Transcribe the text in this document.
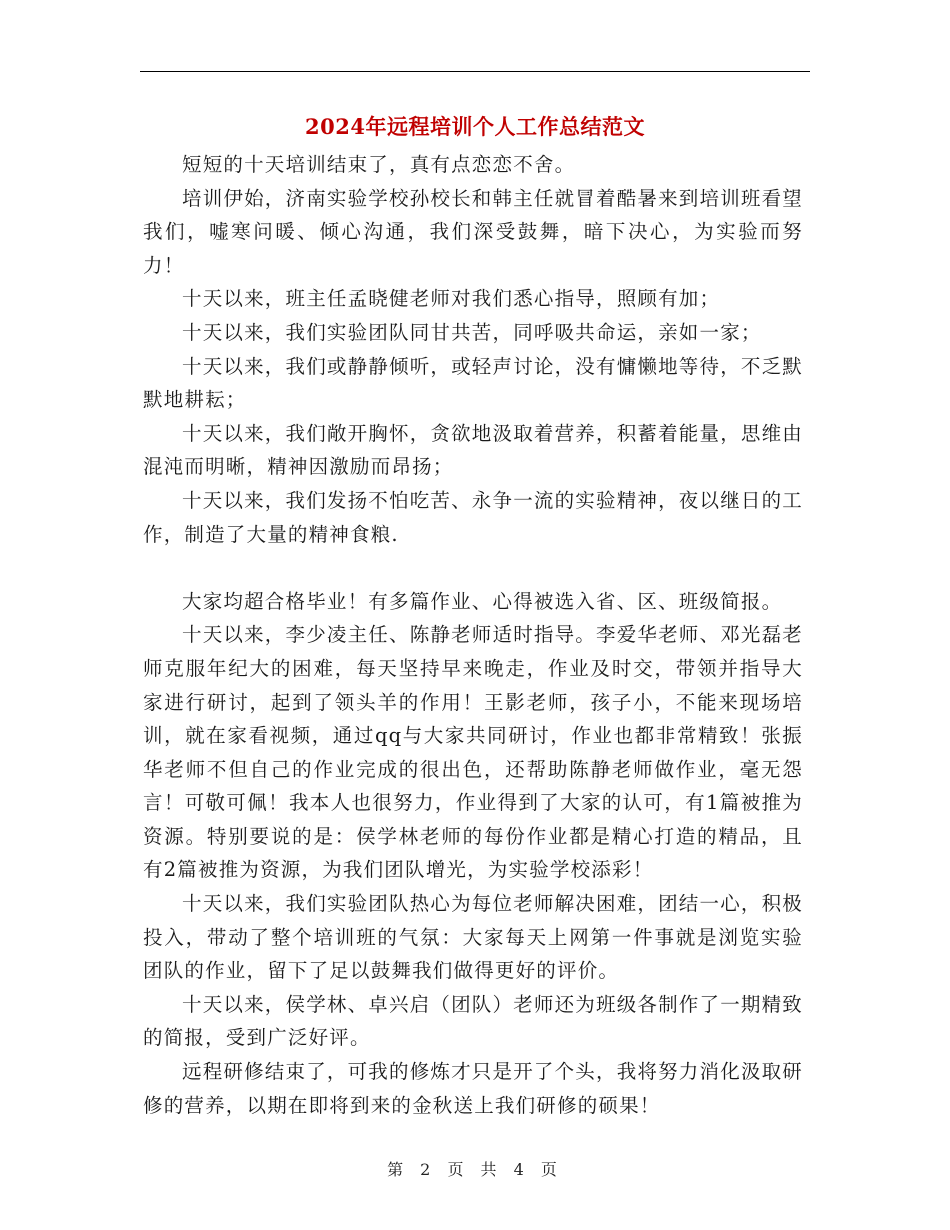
2024年远程培训个人工作总结范文

短短的十天培训结束了，真有点恋恋不舍。

培训伊始，济南实验学校孙校长和韩主任就冒着酷暑来到培训班看望我们，嘘寒问暖、倾心沟通，我们深受鼓舞，暗下决心，为实验而努力！

十天以来，班主任孟晓健老师对我们悉心指导，照顾有加；

十天以来，我们实验团队同甘共苦，同呼吸共命运，亲如一家；

十天以来，我们或静静倾听，或轻声讨论，没有慵懒地等待，不乏默默地耕耘；

十天以来，我们敞开胸怀，贪欲地汲取着营养，积蓄着能量，思维由混沌而明晰，精神因激励而昂扬；

十天以来，我们发扬不怕吃苦、永争一流的实验精神，夜以继日的工作，制造了大量的精神食粮.

大家均超合格毕业！有多篇作业、心得被选入省、区、班级简报。

十天以来，李少凌主任、陈静老师适时指导。李爱华老师、邓光磊老师克服年纪大的困难，每天坚持早来晚走，作业及时交，带领并指导大家进行研讨，起到了领头羊的作用！王影老师，孩子小，不能来现场培训，就在家看视频，通过qq与大家共同研讨，作业也都非常精致！张振华老师不但自己的作业完成的很出色，还帮助陈静老师做作业，毫无怨言！可敬可佩！我本人也很努力，作业得到了大家的认可，有1篇被推为资源。特别要说的是：侯学林老师的每份作业都是精心打造的精品，且有2篇被推为资源，为我们团队增光，为实验学校添彩！

十天以来，我们实验团队热心为每位老师解决困难，团结一心，积极投入，带动了整个培训班的气氛：大家每天上网第一件事就是浏览实验团队的作业，留下了足以鼓舞我们做得更好的评价。

十天以来，侯学林、卓兴启（团队）老师还为班级各制作了一期精致的简报，受到广泛好评。

远程研修结束了，可我的修炼才只是开了个头，我将努力消化汲取研修的营养，以期在即将到来的金秋送上我们研修的硕果！

第 2 页 共 4 页
